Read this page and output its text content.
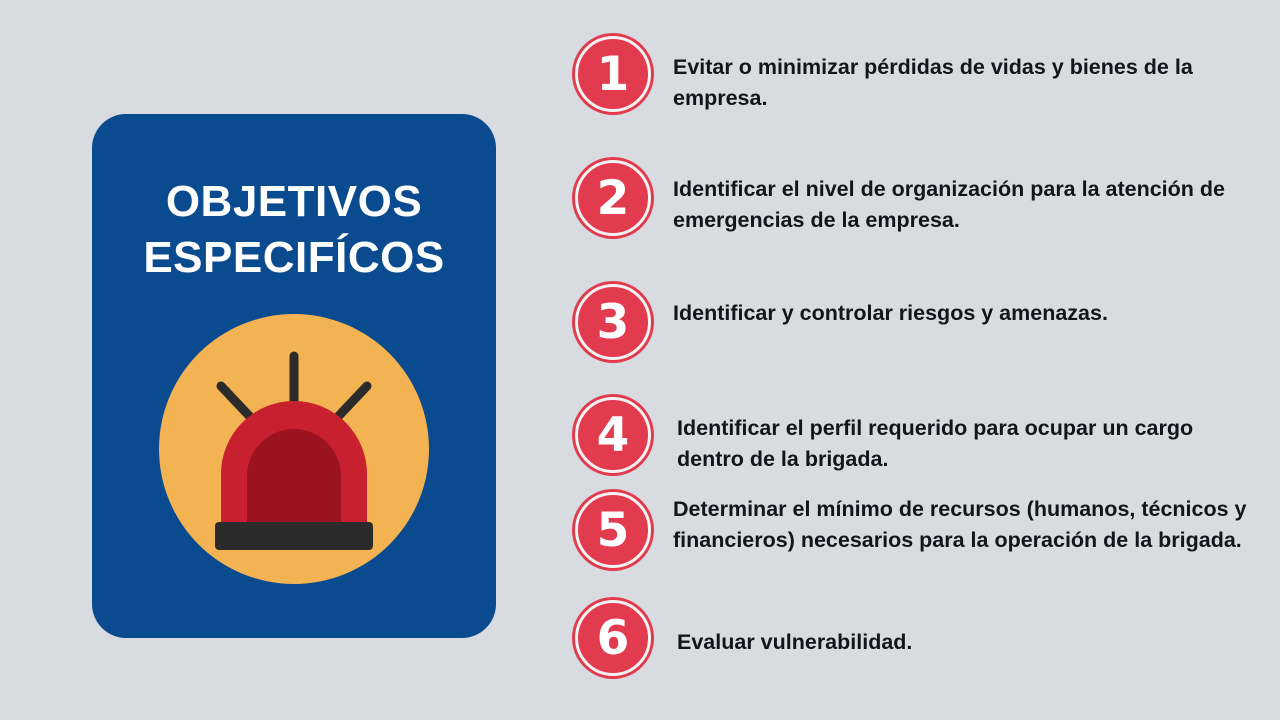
OBJETIVOS
ESPECIFÍCOS
1	Evitar o minimizar pérdidas de vidas y bienes de la empresa.
2	Identificar el nivel de organización para la atención de emergencias de la empresa.
3	Identificar y controlar riesgos y amenazas.
4	Identificar el perfil requerido para ocupar un cargo dentro de la brigada.
5	Determinar el mínimo de recursos (humanos, técnicos y financieros) necesarios para la operación de la brigada.
6	Evaluar vulnerabilidad.
